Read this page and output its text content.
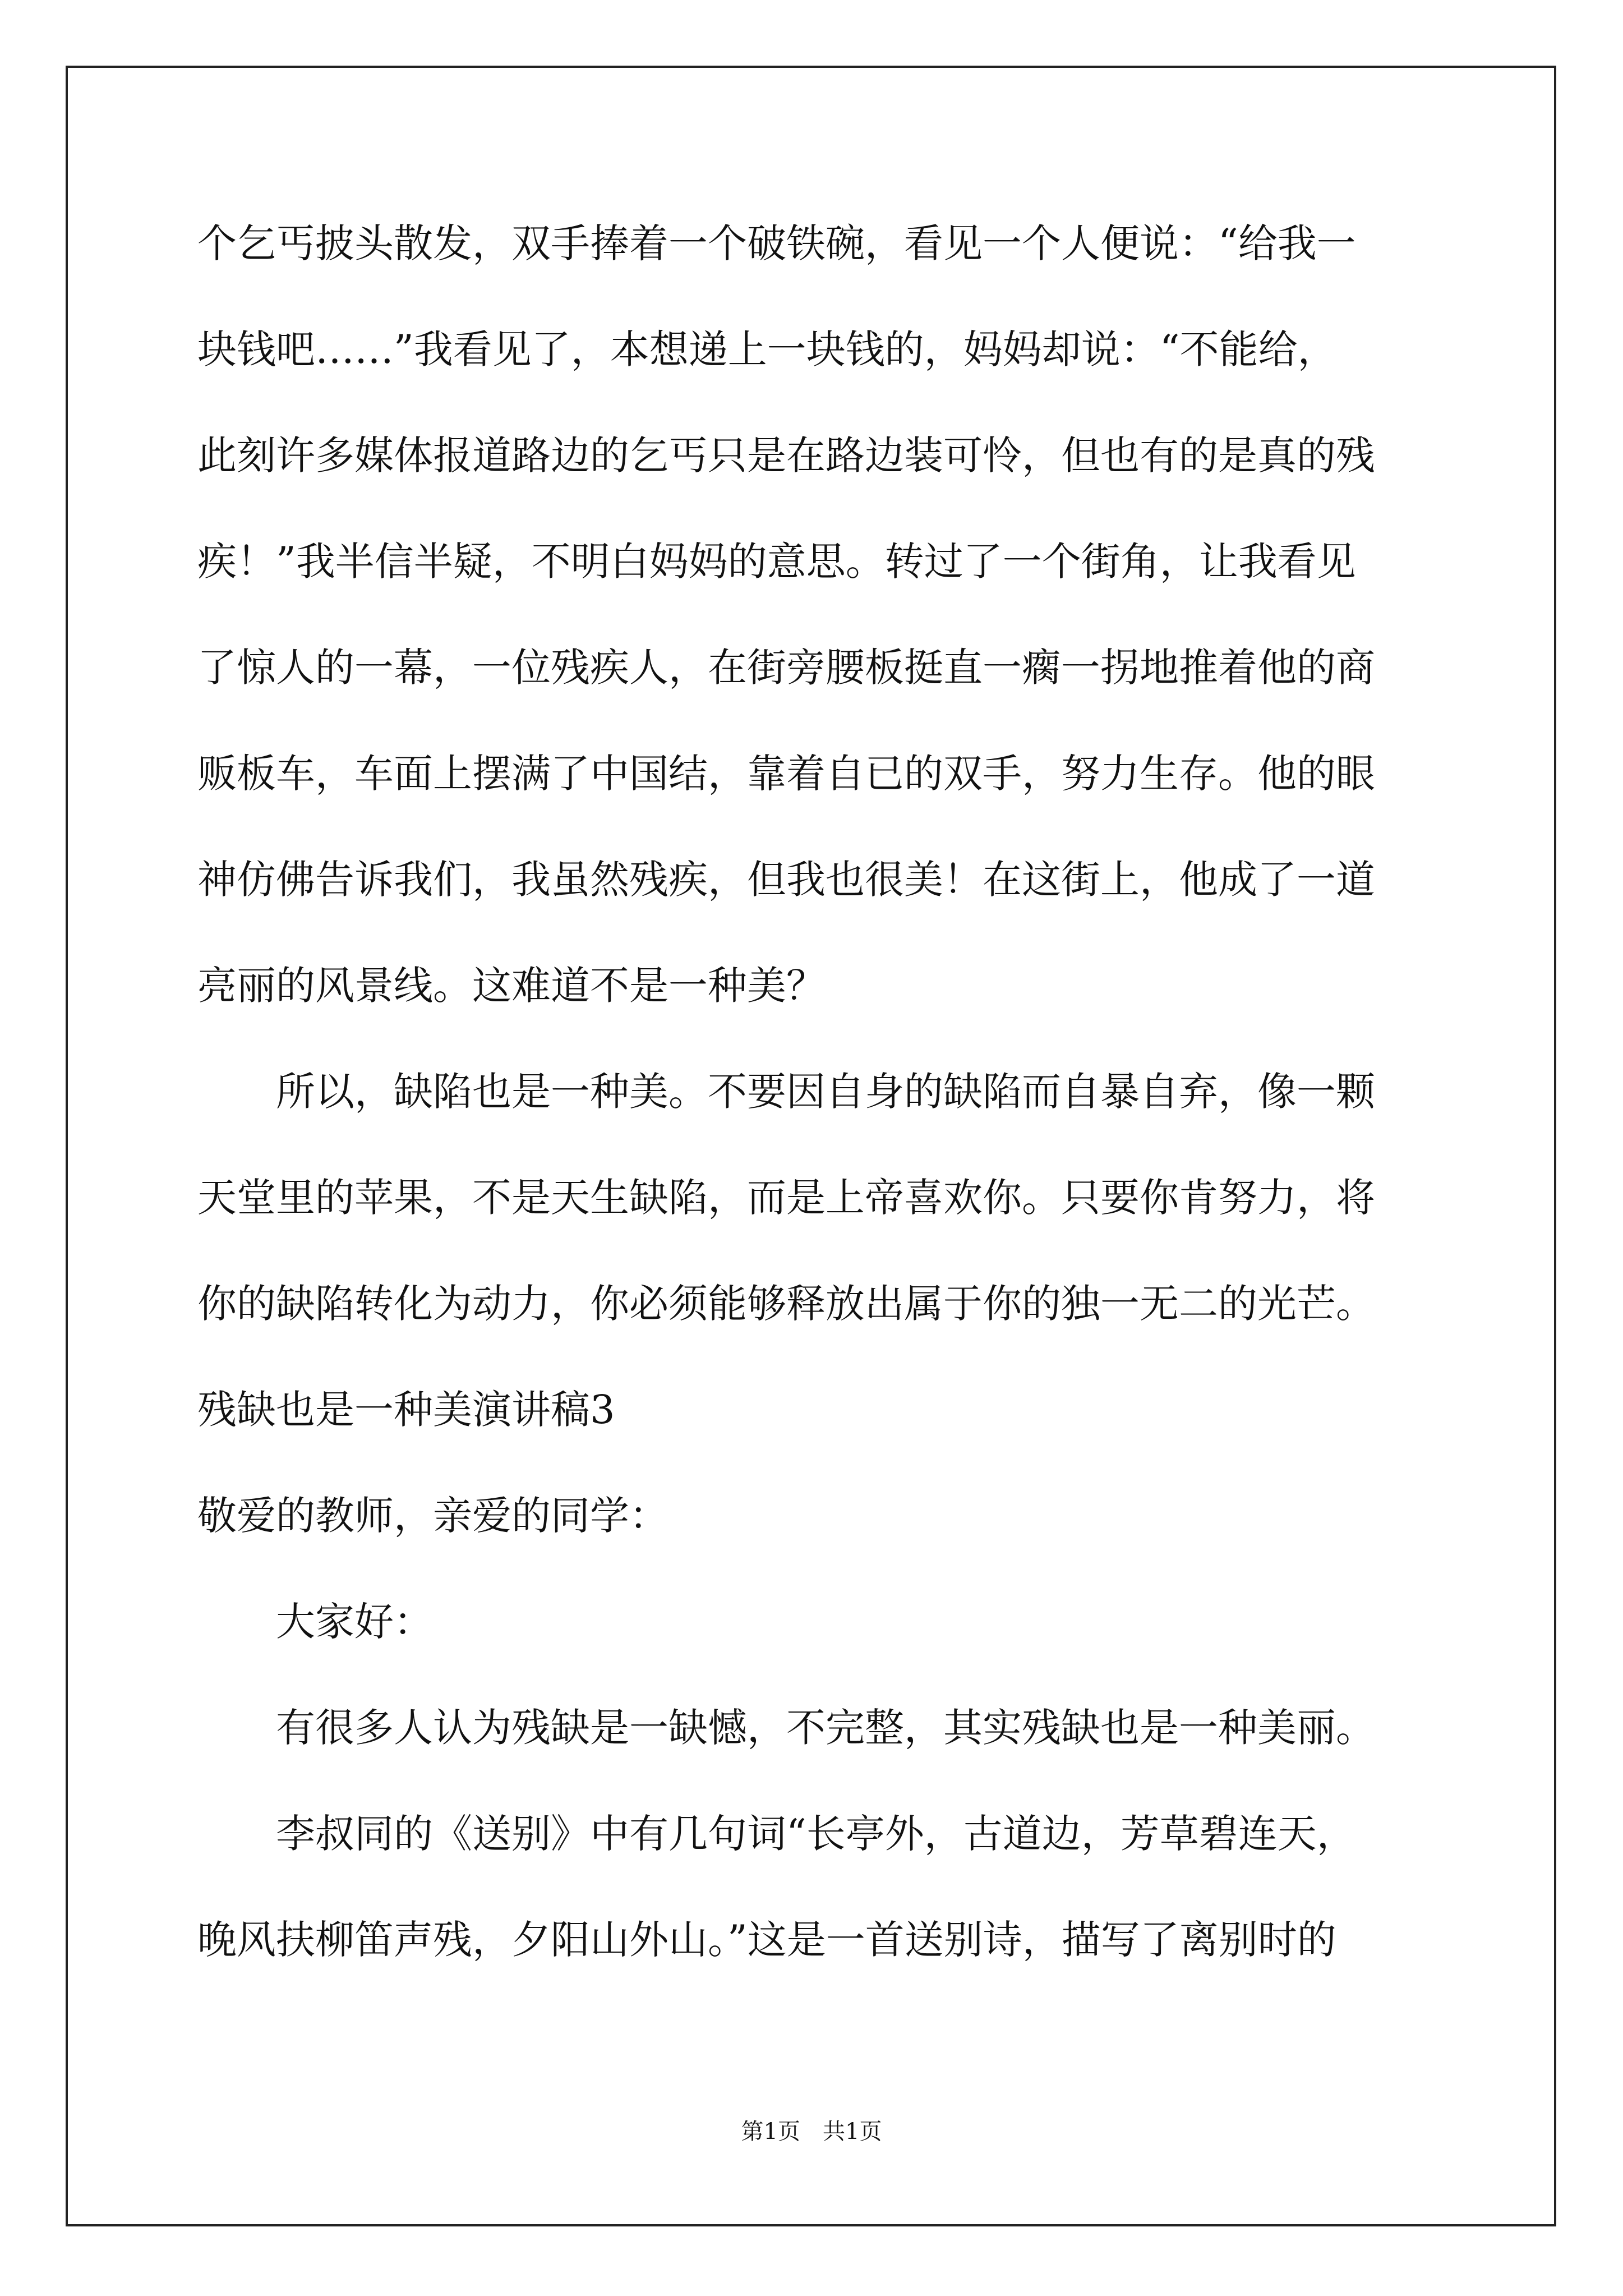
个乞丐披头散发，双手捧着一个破铁碗，看见一个人便说：“给我一
块钱吧……”我看见了，本想递上一块钱的，妈妈却说：“不能给，
此刻许多媒体报道路边的乞丐只是在路边装可怜，但也有的是真的残
疾！”我半信半疑，不明白妈妈的意思。转过了一个街角，让我看见
了惊人的一幕，一位残疾人，在街旁腰板挺直一瘸一拐地推着他的商
贩板车，车面上摆满了中国结，靠着自已的双手，努力生存。他的眼
神仿佛告诉我们，我虽然残疾，但我也很美！在这街上，他成了一道
亮丽的风景线。这难道不是一种美？
所以，缺陷也是一种美。不要因自身的缺陷而自暴自弃，像一颗
天堂里的苹果，不是天生缺陷，而是上帝喜欢你。只要你肯努力，将
你的缺陷转化为动力，你必须能够释放出属于你的独一无二的光芒。
残缺也是一种美演讲稿3
敬爱的教师，亲爱的同学：
大家好：
有很多人认为残缺是一缺憾，不完整，其实残缺也是一种美丽。
李叔同的《送别》中有几句词“长亭外，古道边，芳草碧连天，
晚风扶柳笛声残，夕阳山外山。”这是一首送别诗，描写了离别时的
第1页 共1页
